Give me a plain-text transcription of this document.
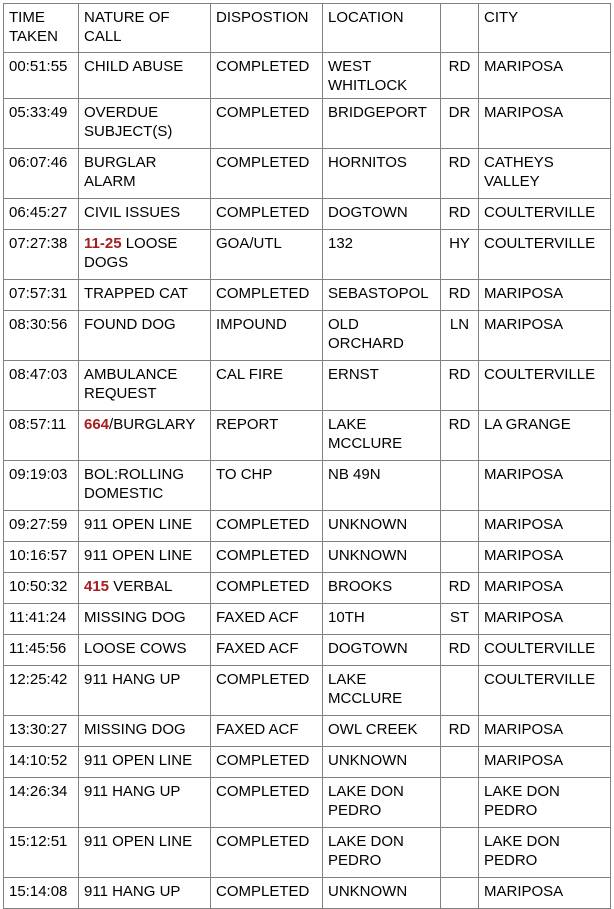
TIME TAKEN	NATURE OF CALL	DISPOSTION	LOCATION		CITY
00:51:55	CHILD ABUSE	COMPLETED	WEST WHITLOCK	RD	MARIPOSA
05:33:49	OVERDUE SUBJECT(S)	COMPLETED	BRIDGEPORT	DR	MARIPOSA
06:07:46	BURGLAR ALARM	COMPLETED	HORNITOS	RD	CATHEYS VALLEY
06:45:27	CIVIL ISSUES	COMPLETED	DOGTOWN	RD	COULTERVILLE
07:27:38	11-25 LOOSE DOGS	GOA/UTL	132	HY	COULTERVILLE
07:57:31	TRAPPED CAT	COMPLETED	SEBASTOPOL	RD	MARIPOSA
08:30:56	FOUND DOG	IMPOUND	OLD ORCHARD	LN	MARIPOSA
08:47:03	AMBULANCE REQUEST	CAL FIRE	ERNST	RD	COULTERVILLE
08:57:11	664/BURGLARY	REPORT	LAKE MCCLURE	RD	LA GRANGE
09:19:03	BOL:ROLLING DOMESTIC	TO CHP	NB 49N		MARIPOSA
09:27:59	911 OPEN LINE	COMPLETED	UNKNOWN		MARIPOSA
10:16:57	911 OPEN LINE	COMPLETED	UNKNOWN		MARIPOSA
10:50:32	415 VERBAL	COMPLETED	BROOKS	RD	MARIPOSA
11:41:24	MISSING DOG	FAXED ACF	10TH	ST	MARIPOSA
11:45:56	LOOSE COWS	FAXED ACF	DOGTOWN	RD	COULTERVILLE
12:25:42	911 HANG UP	COMPLETED	LAKE MCCLURE		COULTERVILLE
13:30:27	MISSING DOG	FAXED ACF	OWL CREEK	RD	MARIPOSA
14:10:52	911 OPEN LINE	COMPLETED	UNKNOWN		MARIPOSA
14:26:34	911 HANG UP	COMPLETED	LAKE DON PEDRO		LAKE DON PEDRO
15:12:51	911 OPEN LINE	COMPLETED	LAKE DON PEDRO		LAKE DON PEDRO
15:14:08	911 HANG UP	COMPLETED	UNKNOWN		MARIPOSA
